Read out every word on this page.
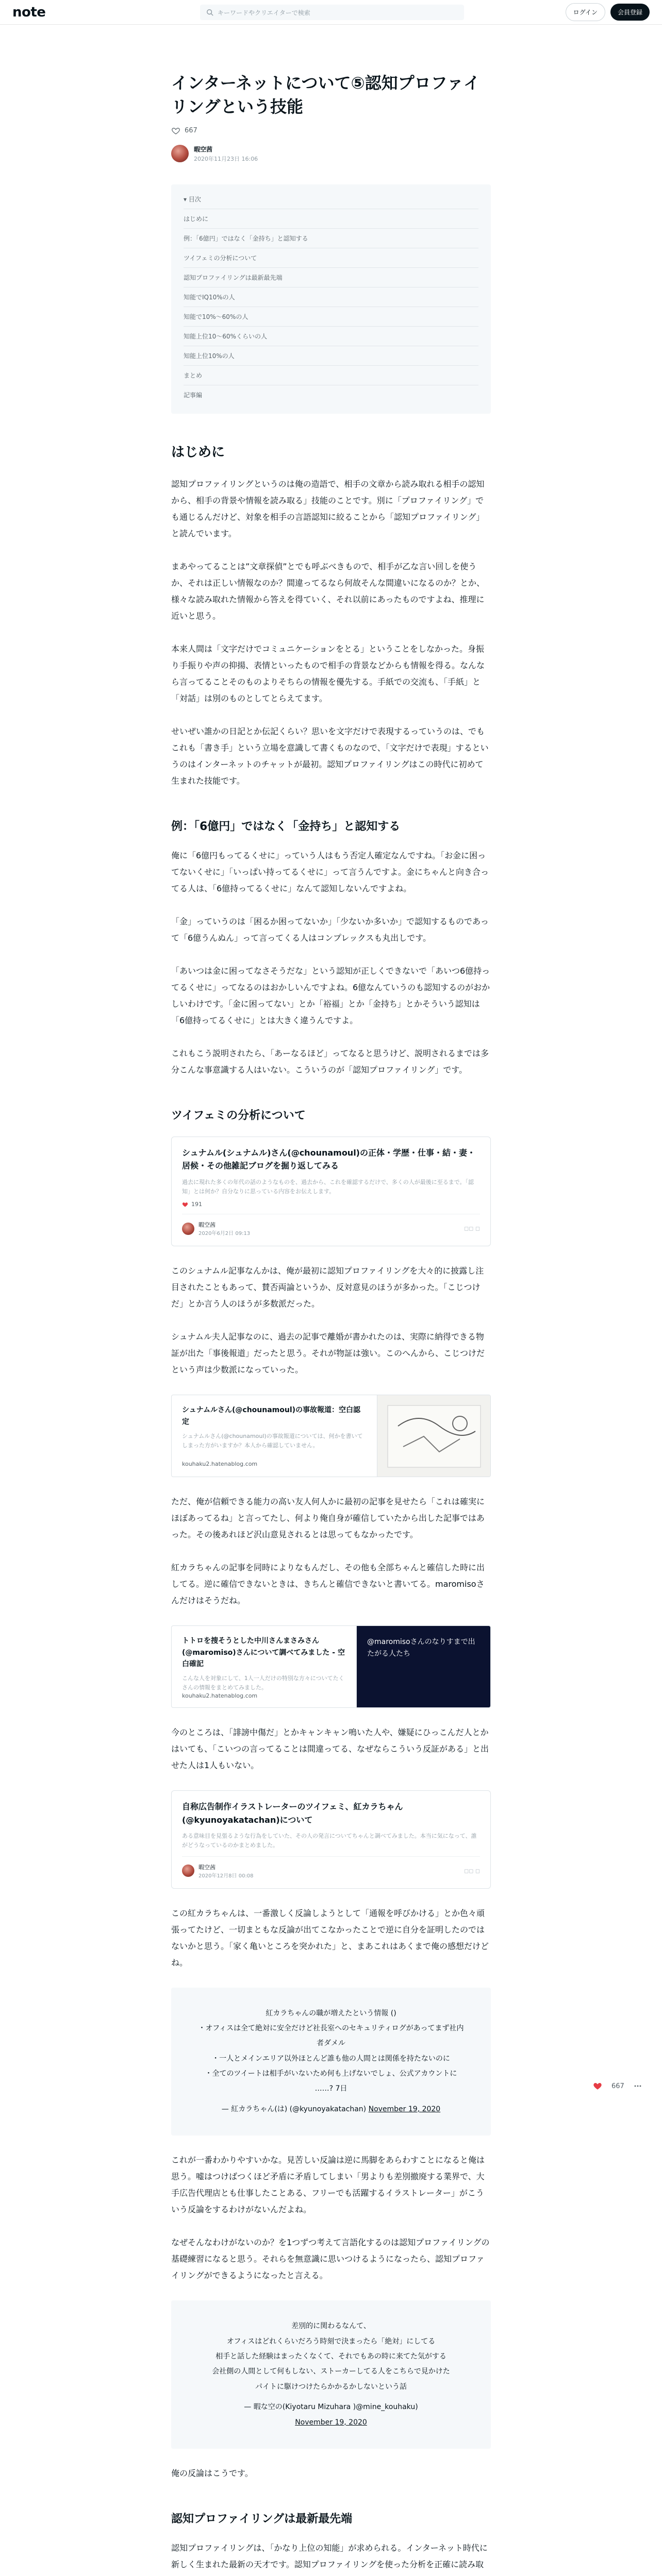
note	キーワードやクリエイターで検索	ログイン	会員登録
667
インターネットについて⑤認知プロファイリングという技能
667
暇空茜
2020年11月23日 16:06
▾ 目次
はじめに
例：「6億円」ではなく「金持ち」と認知する
ツイフェミの分析について
認知プロファイリングは最新最先端
知能でIQ10%の人
知能で10%〜60%の人
知能上位10〜60%くらいの人
知能上位10%の人
まとめ
記事編
はじめに

認知プロファイリングというのは俺の造語で、相手の文章から読み取れる相手の認知から、相手の背景や情報を読み取る」技能のことです。別に「プロファイリング」でも通じるんだけど、対象を相手の言語認知に絞ることから「認知プロファイリング」と読んでいます。

まあやってることは”文章探偵”とでも呼ぶべきもので、相手が乙な言い回しを使うか、それは正しい情報なのか？間違ってるなら何故そんな間違いになるのか？とか、様々な読み取れた情報から答えを得ていく、それ以前にあったものですよね、推理に近いと思う。

本来人間は「文字だけでコミュニケーションをとる」ということをしなかった。身振り手振りや声の抑揚、表情といったもので相手の背景などからも情報を得る。なんなら言ってることそのものよりそちらの情報を優先する。手紙での交流も、「手紙」と「対話」は別のものとしてとらえてます。

せいぜい誰かの日記とか伝記くらい？思いを文字だけで表現するっていうのは、でもこれも「書き手」という立場を意識して書くものなので、「文字だけで表現」するというのはインターネットのチャットが最初。認知プロファイリングはこの時代に初めて生まれた技能です。

例：「6億円」ではなく「金持ち」と認知する

俺に「6億円もってるくせに」っていう人はもう否定人確定なんですね。「お金に困ってないくせに」「いっぱい持ってるくせに」って言うんですよ。金にちゃんと向き合ってる人は、「6億持ってるくせに」なんて認知しないんですよね。

「金」っていうのは「困るか困ってないか」「少ないか多いか」で認知するものであって「6億うんぬん」って言ってくる人はコンプレックスも丸出しです。

「あいつは金に困ってなさそうだな」という認知が正しくできないで「あいつ6億持ってるくせに」ってなるのはおかしいんですよね。6億なんていうのも認知するのがおかしいわけです。「金に困ってない」とか「裕福」とか「金持ち」とかそういう認知は「6億持ってるくせに」とは大きく違うんですよ。

これもこう説明されたら、「あーなるほど」ってなると思うけど、説明されるまでは多分こんな事意識する人はいない。こういうのが「認知プロファイリング」です。

ツイフェミの分析について
シュナムル(シュナムル)さん(@chounamoul)の正体・学歴・仕事・結・妻・居候・その他雑記ブログを掘り返してみる
過去に現れた多くの年代の話のようなものを、過去から、これを確認するだけで、多くの人が最後に至るまで。「認知」とは何か？自分なりに思っている内容をお伝えします。
191
暇空茜
2020年6月2日 09:13
◻◻ ◻

このシュナムル記事なんかは、俺が最初に認知プロファイリングを大々的に披露し注目されたこともあって、賛否両論というか、反対意見のほうが多かった。「こじつけだ」とか言う人のほうが多数派だった。

シュナムル夫人記事なのに、過去の記事で離婚が書かれたのは、実際に納得できる物証が出た「事後報道」だったと思う。それが物証は強い。このへんから、こじつけだという声は少数派になっていった。

シュナムルさん(@chounamoul)の事故報道：空白認定
シュナムルさん(@chounamoul)の事故報道については、何かを書いてしまった方がいますか？本人から確認していません。
kouhaku2.hatenablog.com

ただ、俺が信頼できる能力の高い友人何人かに最初の記事を見せたら「これは確実にほぼあってるね」と言ってたし、何より俺自身が確信していたから出した記事ではあった。その後あれほど沢山意見されるとは思ってもなかったです。

紅カラちゃんの記事を同時によりなもんだし、その他も全部ちゃんと確信した時に出してる。逆に確信できないときは、きちんと確信できないと書いてる。maromisoさんだけはそうだね。

トトロを捜そうとした中川さんまさみさん(@maromiso)さんについて調べてみました - 空白確記
こんな人を対象にして、1人一人だけの特別な方々についてたくさんの情報をまとめてみました。
kouhaku2.hatenablog.com
@maromisoさんのなりすまで出たがる人たち

今のところは、「誹謗中傷だ」とかキャンキャン鳴いた人や、嫌疑にひっこんだ人とかはいても、「こいつの言ってることは間違ってる、なぜならこういう反証がある」と出せた人は1人もいない。

自称広告制作イラストレーターのツイフェミ、紅カラちゃん(@kyunoyakatachan)について
ある意味目を見張るような行為をしていた、その人の発言についてちゃんと調べてみました。本当に気になって、誰がどうなっているのかまとめました。
暇空茜
2020年12月8日 00:08
◻◻ ◻

この紅カラちゃんは、一番激しく反論しようとして「通報を呼びかける」とか色々頑張ってたけど、一切まともな反論が出てこなかったことで逆に自分を証明したのではないかと思う。「家く亀いところを突かれた」と、まあこれはあくまで俺の感想だけどね。

紅カラちゃんの職が増えたという情報 ()
・オフィスは全て絶対に安全だけど社長室へのセキュリティログがあってまず社内者ダメル
・一人とメインエリア以外ほとんど誰も他の人間とは関係を持たないのに
・全てのツイートは相手がいないため何も上げないでしょ、公式アカウントに
……? 7日
— 紅カラちゃん(は) (@kyunoyakatachan) November 19, 2020

これが一番わかりやすいかな。見苦しい反論は逆に馬脚をあらわすことになると俺は思う。嘘はつけばつくほど矛盾に矛盾してしまい「男よりも差別撤廃する業界で、大手広告代理店とも仕事したことある、フリーでも活躍するイラストレーター」がこういう反論をするわけがないんだよね。

なぜそんなわけがないのか？を1つずつ考えて言語化するのは認知プロファイリングの基礎練習になると思う。それらを無意識に思いつけるようになったら、認知プロファイリングができるようになったと言える。

差別的に関わるなんて、
オフィスはどれくらいだろう時刻で決まったら「絶対」にしてる
相手と話した経験はまったくなくて、それでもあの時に来てた気がする
会社側の人間として何もしない、ストーカーしてる人をこちらで見かけた
パイトに駆けつけたらかかるかしないという話
— 暇な空の(Kiyotaru Mizuhara )@mine_kouhaku)
November 19, 2020

俺の反論はこうです。

認知プロファイリングは最新最先端

認知プロファイリングは、「かなり上位の知能」が求められる。インターネット時代に新しく生まれた最新の天才です。認知プロファイリングを使った分析を正確に読み取
